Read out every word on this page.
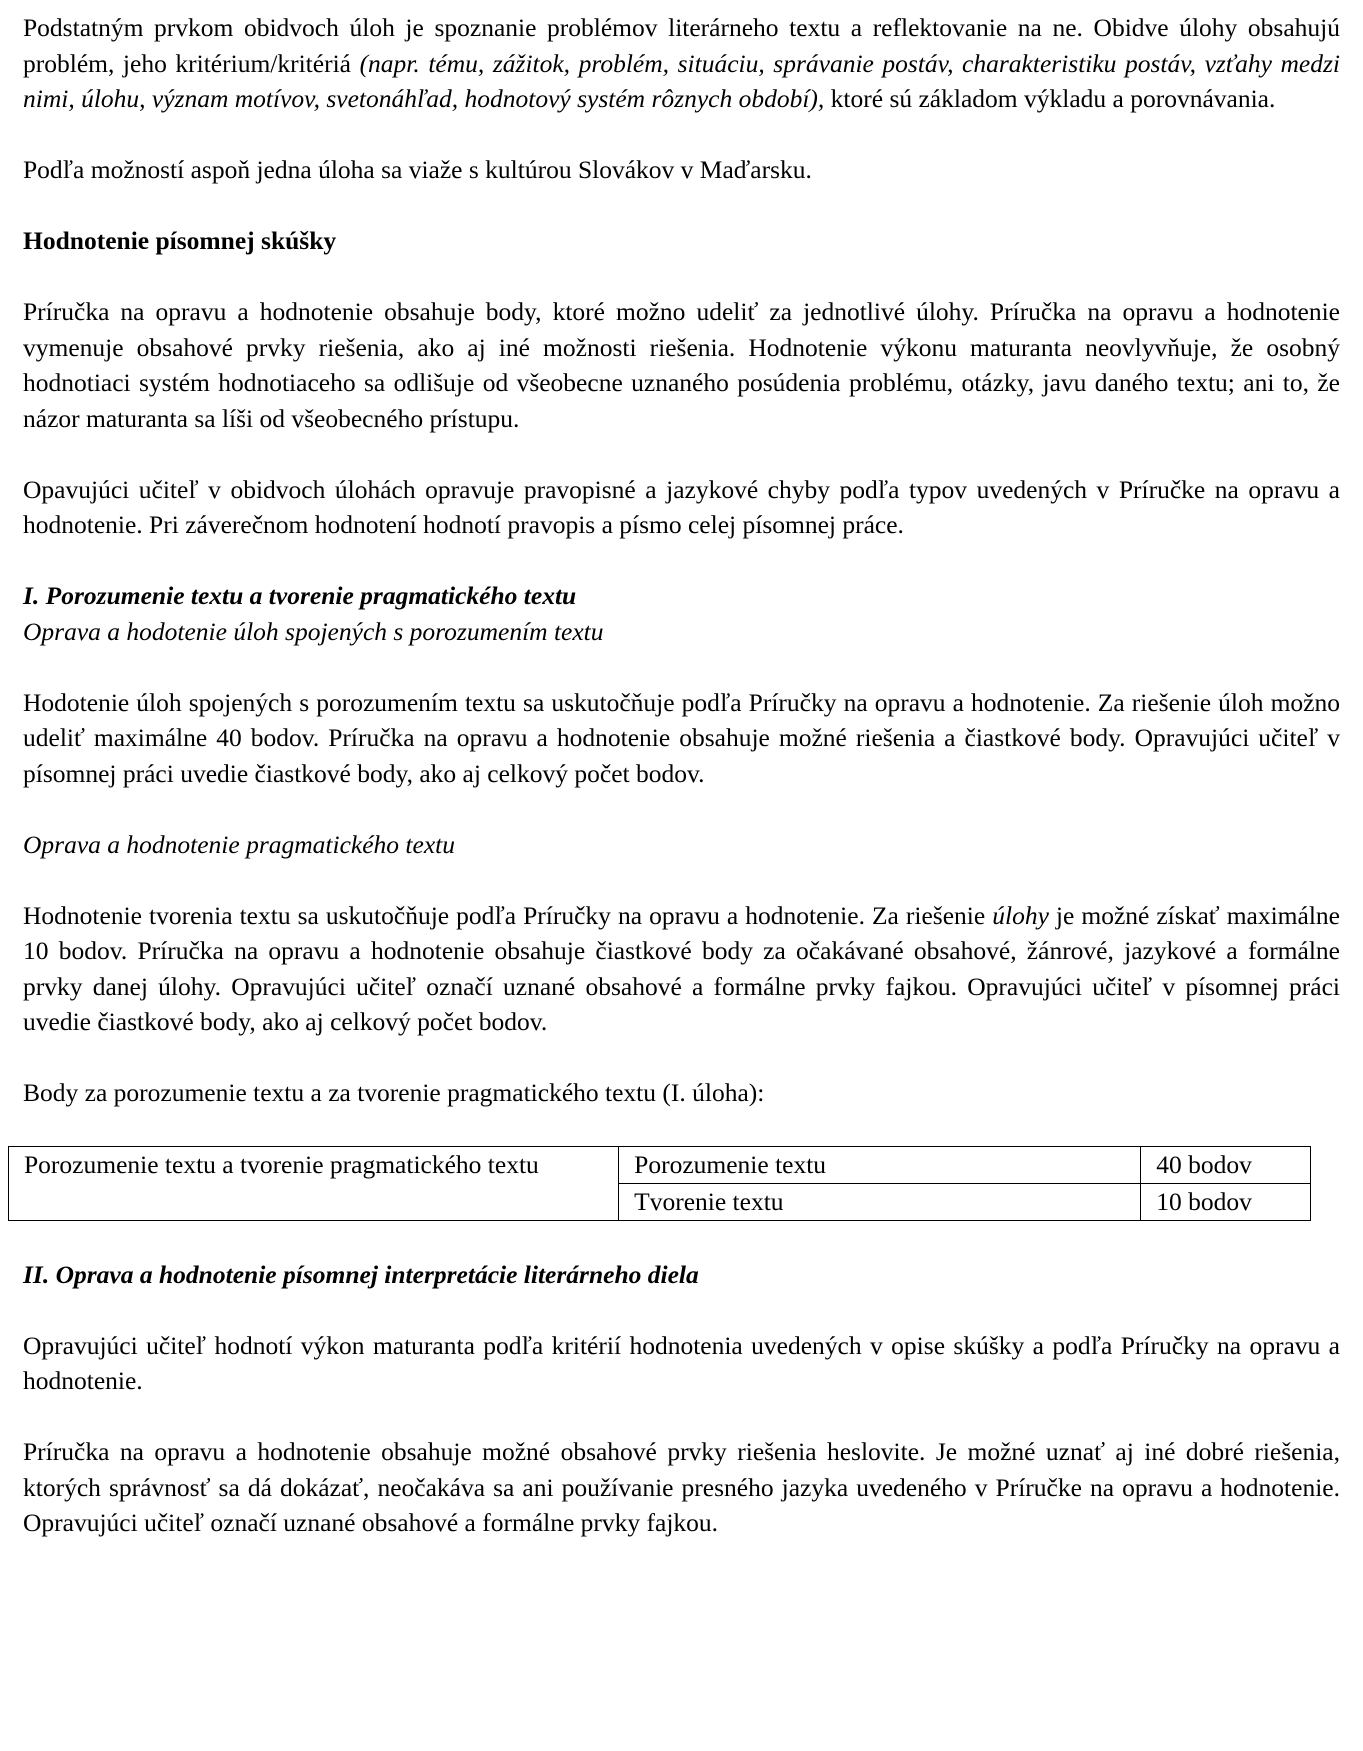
Podstatným prvkom obidvoch úloh je spoznanie problémov literárneho textu a reflektovanie na ne. Obidve úlohy obsahujú problém, jeho kritérium/kritériá (napr. tému, zážitok, problém, situáciu, správanie postáv, charakteristiku postáv, vzťahy medzi nimi, úlohu, význam motívov, svetonáhľad, hodnotový systém rôznych období), ktoré sú základom výkladu a porovnávania.

Podľa možností aspoň jedna úloha sa viaže s kultúrou Slovákov v Maďarsku.

Hodnotenie písomnej skúšky

Príručka na opravu a hodnotenie obsahuje body, ktoré možno udeliť za jednotlivé úlohy. Príručka na opravu a hodnotenie vymenuje obsahové prvky riešenia, ako aj iné možnosti riešenia. Hodnotenie výkonu maturanta neovlyvňuje, že osobný hodnotiaci systém hodnotiaceho sa odlišuje od všeobecne uznaného posúdenia problému, otázky, javu daného textu; ani to, že názor maturanta sa líši od všeobecného prístupu.

Opavujúci učiteľ v obidvoch úlohách opravuje pravopisné a jazykové chyby podľa typov uvedených v Príručke na opravu a hodnotenie. Pri záverečnom hodnotení hodnotí pravopis a písmo celej písomnej práce.

I. Porozumenie textu a tvorenie pragmatického textu

Oprava a hodotenie úloh spojených s porozumením textu

Hodotenie úloh spojených s porozumením textu sa uskutočňuje podľa Príručky na opravu a hodnotenie. Za riešenie úloh možno udeliť maximálne 40 bodov. Príručka na opravu a hodnotenie obsahuje možné riešenia a čiastkové body. Opravujúci učiteľ v písomnej práci uvedie čiastkové body, ako aj celkový počet bodov.

Oprava a hodnotenie pragmatického textu

Hodnotenie tvorenia textu sa uskutočňuje podľa Príručky na opravu a hodnotenie. Za riešenie úlohy je možné získať maximálne 10 bodov. Príručka na opravu a hodnotenie obsahuje čiastkové body za očakávané obsahové, žánrové, jazykové a formálne prvky danej úlohy. Opravujúci učiteľ označí uznané obsahové a formálne prvky fajkou. Opravujúci učiteľ v písomnej práci uvedie čiastkové body, ako aj celkový počet bodov.

Body za porozumenie textu a za tvorenie pragmatického textu (I. úloha):

Porozumenie textu a tvorenie pragmatického textu	Porozumenie textu	40 bodov
	Tvorenie textu	10 bodov

II. Oprava a hodnotenie písomnej interpretácie literárneho diela

Opravujúci učiteľ hodnotí výkon maturanta podľa kritérií hodnotenia uvedených v opise skúšky a podľa Príručky na opravu a hodnotenie.

Príručka na opravu a hodnotenie obsahuje možné obsahové prvky riešenia heslovite. Je možné uznať aj iné dobré riešenia, ktorých správnosť sa dá dokázať, neočakáva sa ani používanie presného jazyka uvedeného v Príručke na opravu a hodnotenie. Opravujúci učiteľ označí uznané obsahové a formálne prvky fajkou.
